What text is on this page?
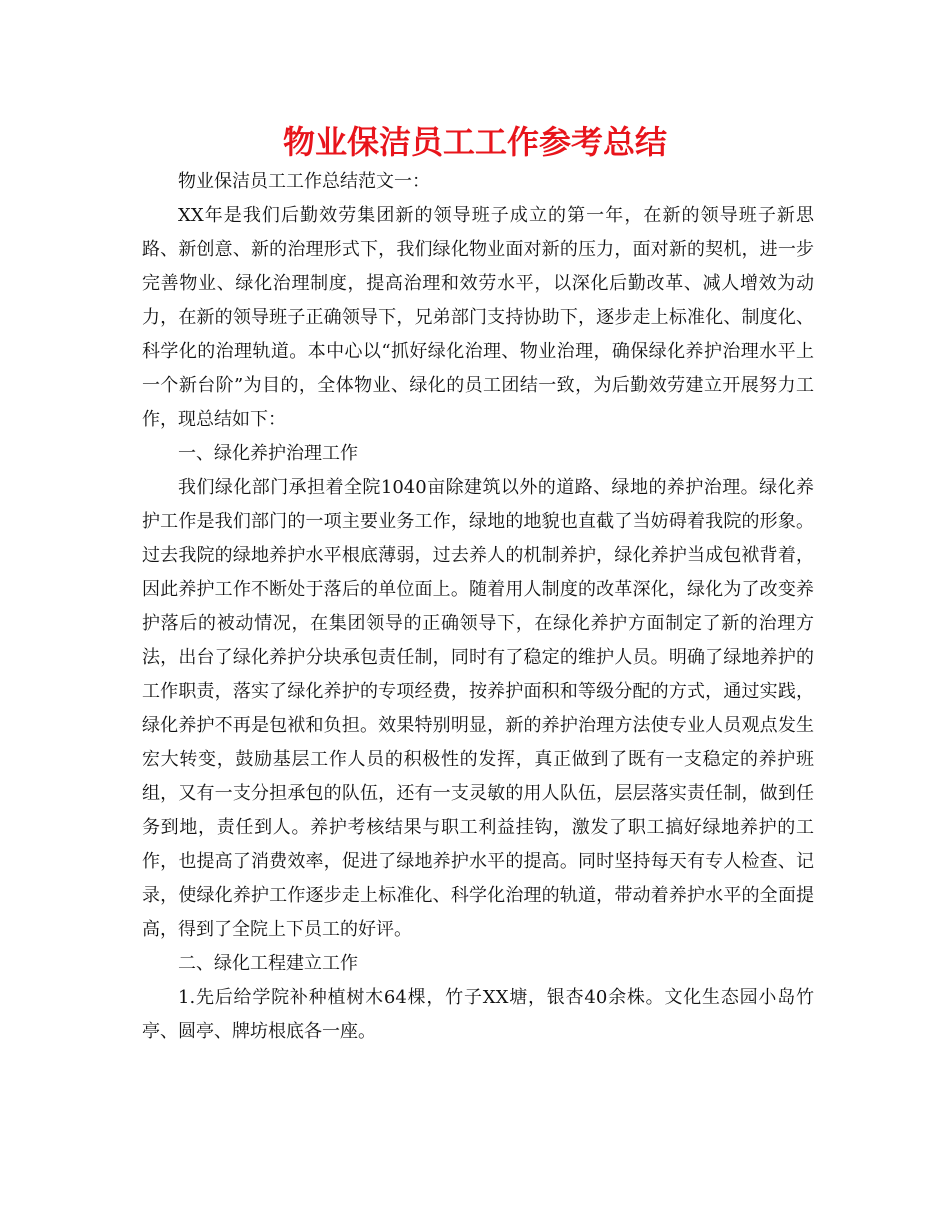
物业保洁员工工作参考总结

物业保洁员工工作总结范文一：

XX年是我们后勤效劳集团新的领导班子成立的第一年，在新的领导班子新思路、新创意、新的治理形式下，我们绿化物业面对新的压力，面对新的契机，进一步完善物业、绿化治理制度，提高治理和效劳水平，以深化后勤改革、减人增效为动力，在新的领导班子正确领导下，兄弟部门支持协助下，逐步走上标准化、制度化、科学化的治理轨道。本中心以“抓好绿化治理、物业治理，确保绿化养护治理水平上一个新台阶”为目的，全体物业、绿化的员工团结一致，为后勤效劳建立开展努力工作，现总结如下：

一、绿化养护治理工作

我们绿化部门承担着全院1040亩除建筑以外的道路、绿地的养护治理。绿化养护工作是我们部门的一项主要业务工作，绿地的地貌也直截了当妨碍着我院的形象。过去我院的绿地养护水平根底薄弱，过去养人的机制养护，绿化养护当成包袱背着，因此养护工作不断处于落后的单位面上。随着用人制度的改革深化，绿化为了改变养护落后的被动情况，在集团领导的正确领导下，在绿化养护方面制定了新的治理方法，出台了绿化养护分块承包责任制，同时有了稳定的维护人员。明确了绿地养护的工作职责，落实了绿化养护的专项经费，按养护面积和等级分配的方式，通过实践，绿化养护不再是包袱和负担。效果特别明显，新的养护治理方法使专业人员观点发生宏大转变，鼓励基层工作人员的积极性的发挥，真正做到了既有一支稳定的养护班组，又有一支分担承包的队伍，还有一支灵敏的用人队伍，层层落实责任制，做到任务到地，责任到人。养护考核结果与职工利益挂钩，激发了职工搞好绿地养护的工作，也提高了消费效率，促进了绿地养护水平的提高。同时坚持每天有专人检查、记录，使绿化养护工作逐步走上标准化、科学化治理的轨道，带动着养护水平的全面提高，得到了全院上下员工的好评。

二、绿化工程建立工作

1.先后给学院补种植树木64棵，竹子XX塘，银杏40余株。文化生态园小岛竹亭、圆亭、牌坊根底各一座。
